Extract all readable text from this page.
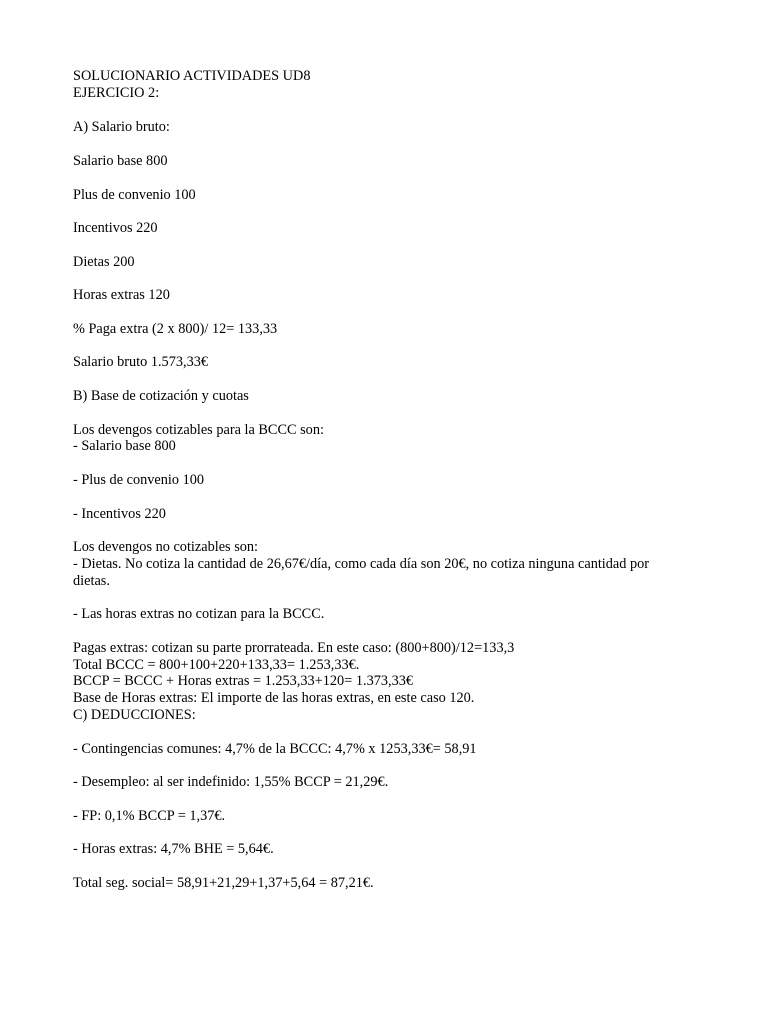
SOLUCIONARIO ACTIVIDADES UD8

EJERCICIO 2:

A) Salario bruto:

Salario base 800

Plus de convenio 100

Incentivos 220

Dietas 200

Horas extras 120

% Paga extra (2 x 800)/ 12= 133,33

Salario bruto 1.573,33€

B) Base de cotización y cuotas

Los devengos cotizables para la BCCC son:

- Salario base 800

- Plus de convenio 100

- Incentivos 220

Los devengos no cotizables son:

- Dietas. No cotiza la cantidad de 26,67€/día, como cada día son 20€, no cotiza ninguna cantidad por dietas.

- Las horas extras no cotizan para la BCCC.

Pagas extras: cotizan su parte prorrateada. En este caso: (800+800)/12=133,3

Total BCCC = 800+100+220+133,33= 1.253,33€.

BCCP = BCCC + Horas extras = 1.253,33+120= 1.373,33€

Base de Horas extras: El importe de las horas extras, en este caso 120.

C) DEDUCCIONES:

- Contingencias comunes: 4,7% de la BCCC: 4,7% x 1253,33€= 58,91

- Desempleo: al ser indefinido: 1,55% BCCP = 21,29€.

- FP: 0,1% BCCP = 1,37€.

- Horas extras: 4,7% BHE = 5,64€.

Total seg. social= 58,91+21,29+1,37+5,64 = 87,21€.
